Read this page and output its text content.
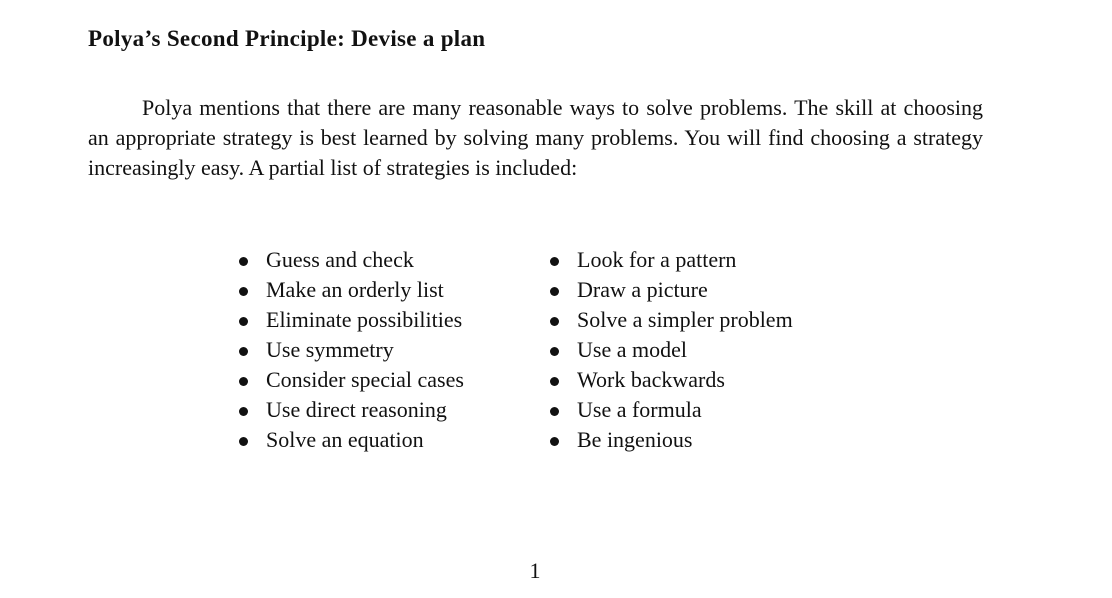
Polya’s Second Principle: Devise a plan

Polya mentions that there are many reasonable ways to solve problems. The skill at choosing an appropriate strategy is best learned by solving many problems. You will find choosing a strategy increasingly easy. A partial list of strategies is included:

Guess and check
Make an orderly list
Eliminate possibilities
Use symmetry
Consider special cases
Use direct reasoning
Solve an equation
Look for a pattern
Draw a picture
Solve a simpler problem
Use a model
Work backwards
Use a formula
Be ingenious
1
